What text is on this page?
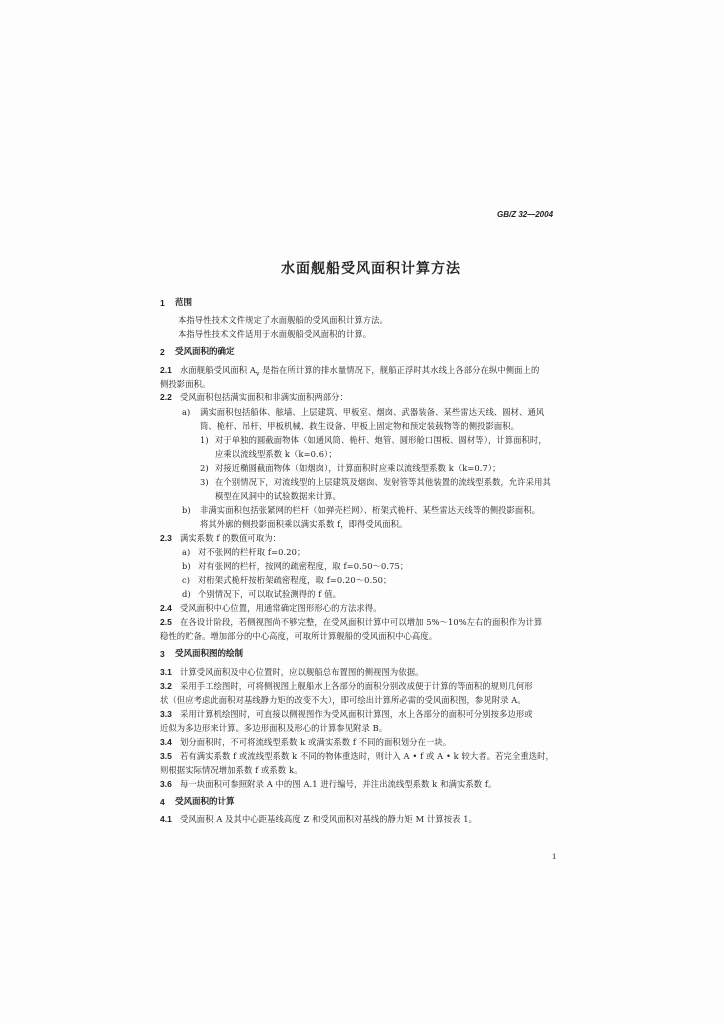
GB/Z 32—2004
水面舰船受风面积计算方法
1 范围
本指导性技术文件规定了水面舰船的受风面积计算方法。
本指导性技术文件适用于水面舰船受风面积的计算。
2 受风面积的确定
2.1 水面舰船受风面积 $A_v$ 是指在所计算的排水量情况下，舰船正浮时其水线上各部分在纵中侧面上的
侧投影面积。
2.2 受风面积包括满实面积和非满实面积两部分：
a) 满实面积包括船体、舷墙、上层建筑、甲板室、烟囱、武器装备、某些雷达天线、圆材、通风
筒、桅杆、吊杆、甲板机械、救生设备、甲板上固定物和预定装载物等的侧投影面积。
1) 对于单独的圆截面物体（如通风筒、桅杆、炮管、圆形舱口围板、圆材等），计算面积时，
应乘以流线型系数 k（k=0.6）；
2) 对接近椭圆截面物体（如烟囱），计算面积时应乘以流线型系数 k（k=0.7）；
3) 在个别情况下，对流线型的上层建筑及烟囱、发射管等其他装置的流线型系数，允许采用其
模型在风洞中的试验数据来计算。
b) 非满实面积包括张紧网的栏杆（如弹壳栏网）、桁架式桅杆、某些雷达天线等的侧投影面积。
将其外廓的侧投影面积乘以满实系数 f，即得受风面积。
2.3 满实系数 f 的数值可取为：
a) 对不张网的栏杆取 f=0.20；
b) 对有张网的栏杆，按网的疏密程度，取 f=0.50～0.75；
c) 对桁架式桅杆按桁架疏密程度，取 f=0.20～0.50；
d) 个别情况下，可以取试验测得的 f 值。
2.4 受风面积中心位置，用通常确定图形形心的方法求得。
2.5 在各设计阶段，若侧视图尚不够完整，在受风面积计算中可以增加 5%～10%左右的面积作为计算
稳性的贮备。增加部分的中心高度，可取所计算舰船的受风面积中心高度。
3 受风面积图的绘制
3.1 计算受风面积及中心位置时，应以舰船总布置图的侧视图为依据。
3.2 采用手工绘图时，可将侧视图上舰船水上各部分的面积分别改成便于计算的等面积的规则几何形
状（但应考虑此面积对基线静力矩的改变不大），即可绘出计算所必需的受风面积图，参见附录 A。
3.3 采用计算机绘图时，可直接以侧视图作为受风面积计算图，水上各部分的面积可分别按多边形或
近似为多边形来计算。多边形面积及形心的计算参见附录 B。
3.4 划分面积时，不可将流线型系数 k 或满实系数 f 不同的面积划分在一块。
3.5 若有满实系数 f 或流线型系数 k 不同的物体重迭时，则计入 A • f 或 A • k 较大者。若完全重迭时，
则根据实际情况增加系数 f 或系数 k。
3.6 每一块面积可参照附录 A 中的图 A.1 进行编号，并注出流线型系数 k 和满实系数 f。
4 受风面积的计算
4.1 受风面积 A 及其中心距基线高度 Z 和受风面积对基线的静力矩 M 计算按表 1。
1
